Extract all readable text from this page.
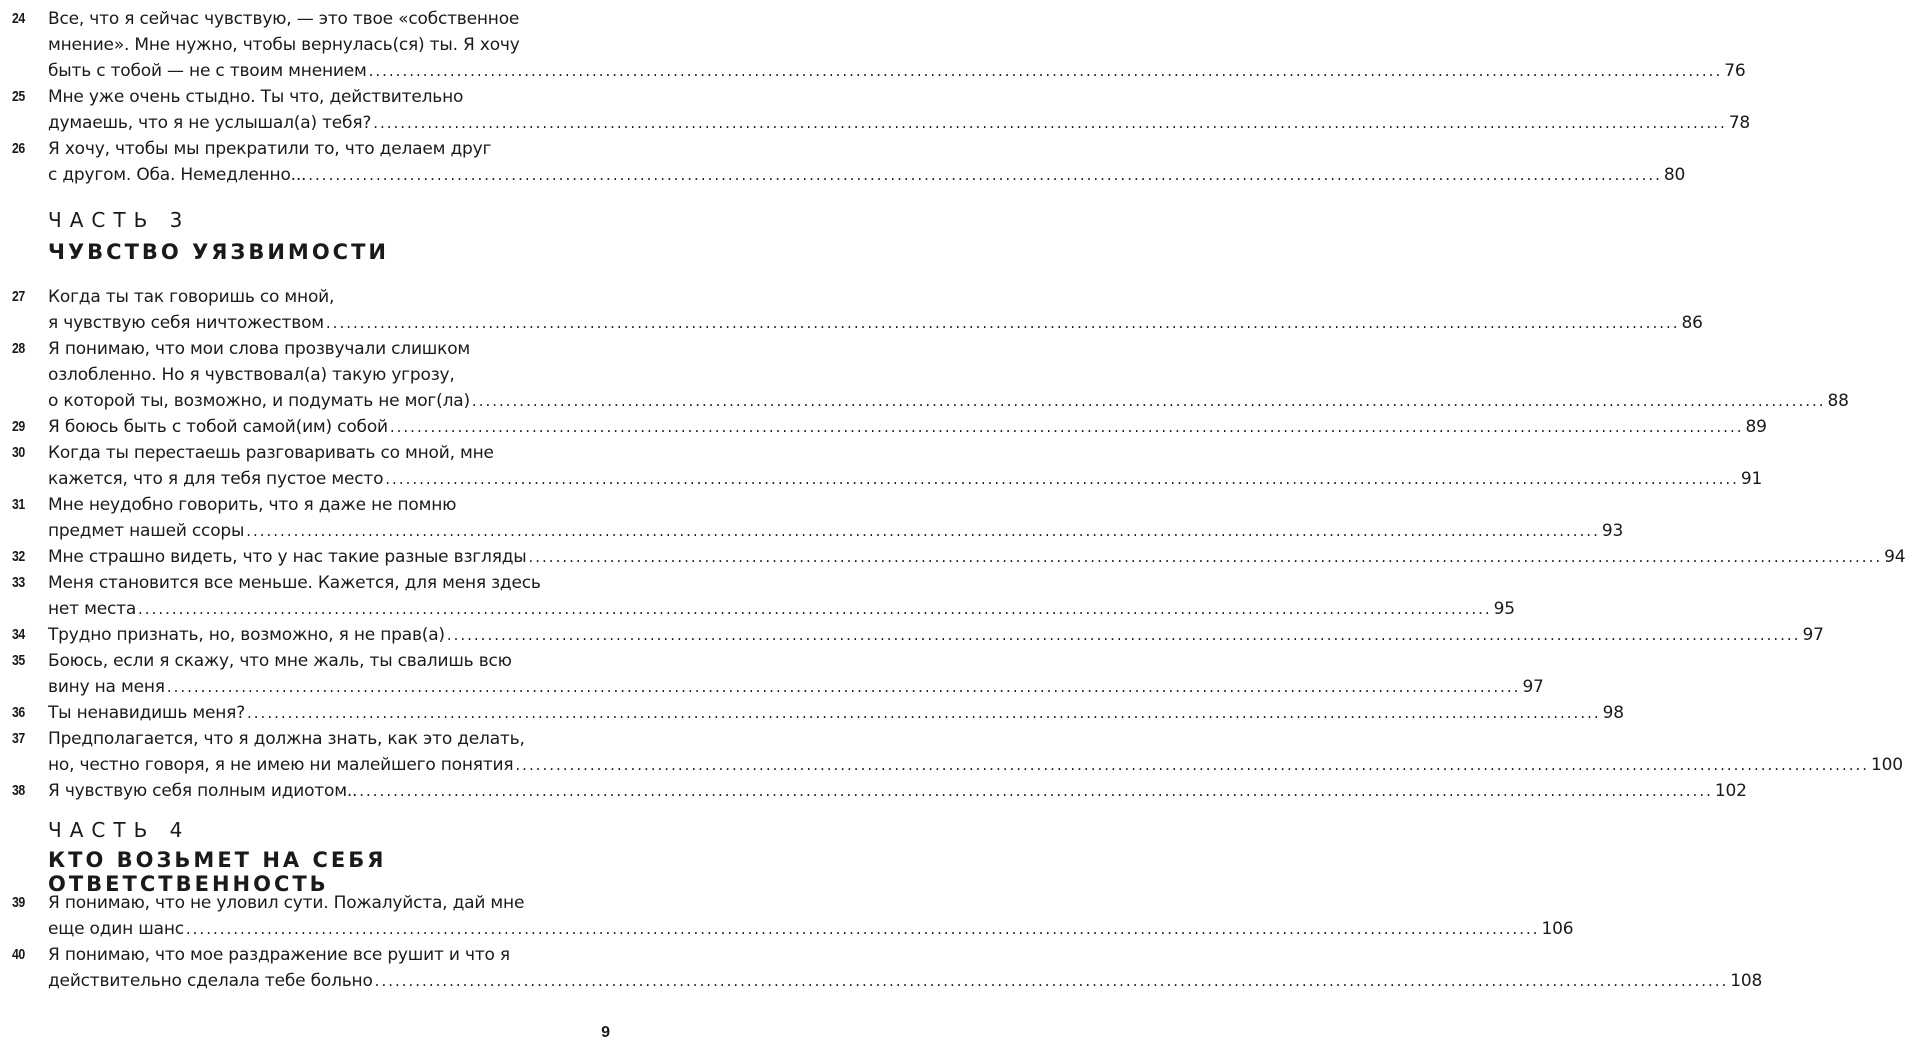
ЧАСТЬ 3
ЧУВСТВО УЯЗВИМОСТИ
ЧАСТЬ 4
КТО ВОЗЬМЕТ НА СЕБЯ ОТВЕТСТВЕННОСТЬ
9
24	Все, что я сейчас чувствую, — это твое «собственное
мнение». Мне нужно, чтобы вернулась(ся) ты. Я хочу
быть с тобой — не с твоим мнением ........................................................................................................................................................................................................ 76
25	Мне уже очень стыдно. Ты что, действительно
думаешь, что я не услышал(а) тебя? ........................................................................................................................................................................................................ 78
26	Я хочу, чтобы мы прекратили то, что делаем друг
с другом. Оба. Немедленно... ........................................................................................................................................................................................................ 80
27	Когда ты так говоришь со мной,
я чувствую себя ничтожеством ........................................................................................................................................................................................................ 86
28	Я понимаю, что мои слова прозвучали слишком
озлобленно. Но я чувствовал(а) такую угрозу,
о которой ты, возможно, и подумать не мог(ла) ........................................................................................................................................................................................................ 88
29	Я боюсь быть с тобой самой(им) собой ........................................................................................................................................................................................................ 89
30	Когда ты перестаешь разговаривать со мной, мне
кажется, что я для тебя пустое место ........................................................................................................................................................................................................ 91
31	Мне неудобно говорить, что я даже не помню
предмет нашей ссоры ........................................................................................................................................................................................................ 93
32	Мне страшно видеть, что у нас такие разные взгляды ........................................................................................................................................................................................................ 94
33	Меня становится все меньше. Кажется, для меня здесь
нет места ........................................................................................................................................................................................................ 95
34	Трудно признать, но, возможно, я не прав(а) ........................................................................................................................................................................................................ 97
35	Боюсь, если я скажу, что мне жаль, ты свалишь всю
вину на меня ........................................................................................................................................................................................................ 97
36	Ты ненавидишь меня? ........................................................................................................................................................................................................ 98
37	Предполагается, что я должна знать, как это делать,
но, честно говоря, я не имею ни малейшего понятия ........................................................................................................................................................................................................ 100
38	Я чувствую себя полным идиотом.. ........................................................................................................................................................................................................ 102
39	Я понимаю, что не уловил сути. Пожалуйста, дай мне
еще один шанс ........................................................................................................................................................................................................ 106
40	Я понимаю, что мое раздражение все рушит и что я
действительно сделала тебе больно ........................................................................................................................................................................................................ 108
